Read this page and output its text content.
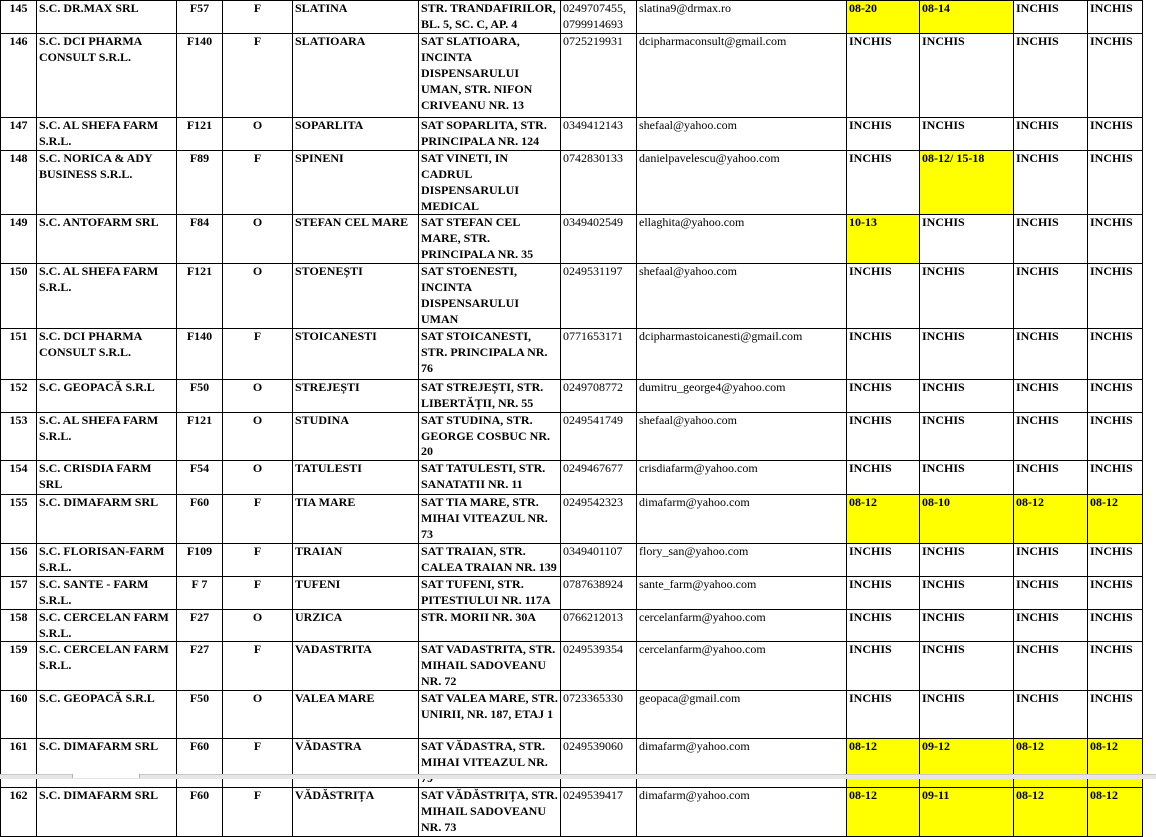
145	S.C. DR.MAX SRL	F57	F	SLATINA	STR. TRANDAFIRILOR, BL. 5, SC. C, AP. 4	0249707455, 0799914693	slatina9@drmax.ro	08-20	08-14	INCHIS	INCHIS
146	S.C. DCI PHARMA CONSULT S.R.L.	F140	F	SLATIOARA	SAT SLATIOARA, INCINTA DISPENSARULUI UMAN, STR. NIFON CRIVEANU NR. 13	0725219931	dcipharmaconsult@gmail.com	INCHIS	INCHIS	INCHIS	INCHIS
147	S.C. AL SHEFA FARM S.R.L.	F121	O	SOPARLITA	SAT SOPARLITA, STR. PRINCIPALA NR. 124	0349412143	shefaal@yahoo.com	INCHIS	INCHIS	INCHIS	INCHIS
148	S.C. NORICA & ADY BUSINESS S.R.L.	F89	F	SPINENI	SAT VINETI, IN CADRUL DISPENSARULUI MEDICAL	0742830133	danielpavelescu@yahoo.com	INCHIS	08-12/ 15-18	INCHIS	INCHIS
149	S.C. ANTOFARM SRL	F84	O	STEFAN CEL MARE	SAT STEFAN CEL MARE, STR. PRINCIPALA NR. 35	0349402549	ellaghita@yahoo.com	10-13	INCHIS	INCHIS	INCHIS
150	S.C. AL SHEFA FARM S.R.L.	F121	O	STOENEȘTI	SAT STOENESTI, INCINTA DISPENSARULUI UMAN	0249531197	shefaal@yahoo.com	INCHIS	INCHIS	INCHIS	INCHIS
151	S.C. DCI PHARMA CONSULT S.R.L.	F140	F	STOICANESTI	SAT STOICANESTI, STR. PRINCIPALA NR. 76	0771653171	dcipharmastoicanesti@gmail.com	INCHIS	INCHIS	INCHIS	INCHIS
152	S.C. GEOPACĂ S.R.L	F50	O	STREJEȘTI	SAT STREJEȘTI, STR. LIBERTĂȚII, NR. 55	0249708772	dumitru_george4@yahoo.com	INCHIS	INCHIS	INCHIS	INCHIS
153	S.C. AL SHEFA FARM S.R.L.	F121	O	STUDINA	SAT STUDINA, STR. GEORGE COSBUC NR. 20	0249541749	shefaal@yahoo.com	INCHIS	INCHIS	INCHIS	INCHIS
154	S.C. CRISDIA FARM SRL	F54	O	TATULESTI	SAT TATULESTI, STR. SANATATII NR. 11	0249467677	crisdiafarm@yahoo.com	INCHIS	INCHIS	INCHIS	INCHIS
155	S.C. DIMAFARM SRL	F60	F	TIA MARE	SAT TIA MARE, STR. MIHAI VITEAZUL NR. 73	0249542323	dimafarm@yahoo.com	08-12	08-10	08-12	08-12
156	S.C. FLORISAN-FARM S.R.L.	F109	F	TRAIAN	SAT TRAIAN, STR. CALEA TRAIAN NR. 139	0349401107	flory_san@yahoo.com	INCHIS	INCHIS	INCHIS	INCHIS
157	S.C. SANTE - FARM S.R.L.	F 7	F	TUFENI	SAT TUFENI, STR. PITESTIULUI NR. 117A	0787638924	sante_farm@yahoo.com	INCHIS	INCHIS	INCHIS	INCHIS
158	S.C. CERCELAN FARM S.R.L.	F27	O	URZICA	STR. MORII NR. 30A	0766212013	cercelanfarm@yahoo.com	INCHIS	INCHIS	INCHIS	INCHIS
159	S.C. CERCELAN FARM S.R.L.	F27	F	VADASTRITA	SAT VADASTRITA, STR. MIHAIL SADOVEANU NR. 72	0249539354	cercelanfarm@yahoo.com	INCHIS	INCHIS	INCHIS	INCHIS
160	S.C. GEOPACĂ S.R.L	F50	O	VALEA MARE	SAT VALEA MARE, STR. UNIRII, NR. 187, ETAJ 1	0723365330	geopaca@gmail.com	INCHIS	INCHIS	INCHIS	INCHIS
161	S.C. DIMAFARM SRL	F60	F	VĂDASTRA	SAT VĂDASTRA, STR. MIHAI VITEAZUL NR.	0249539060	dimafarm@yahoo.com	08-12	09-12	08-12	08-12
162	S.C. DIMAFARM SRL	F60	F	VĂDĂSTRIȚA	SAT VĂDĂSTRIȚA, STR. MIHAIL SADOVEANU NR. 73	0249539417	dimafarm@yahoo.com	08-12	09-11	08-12	08-12
